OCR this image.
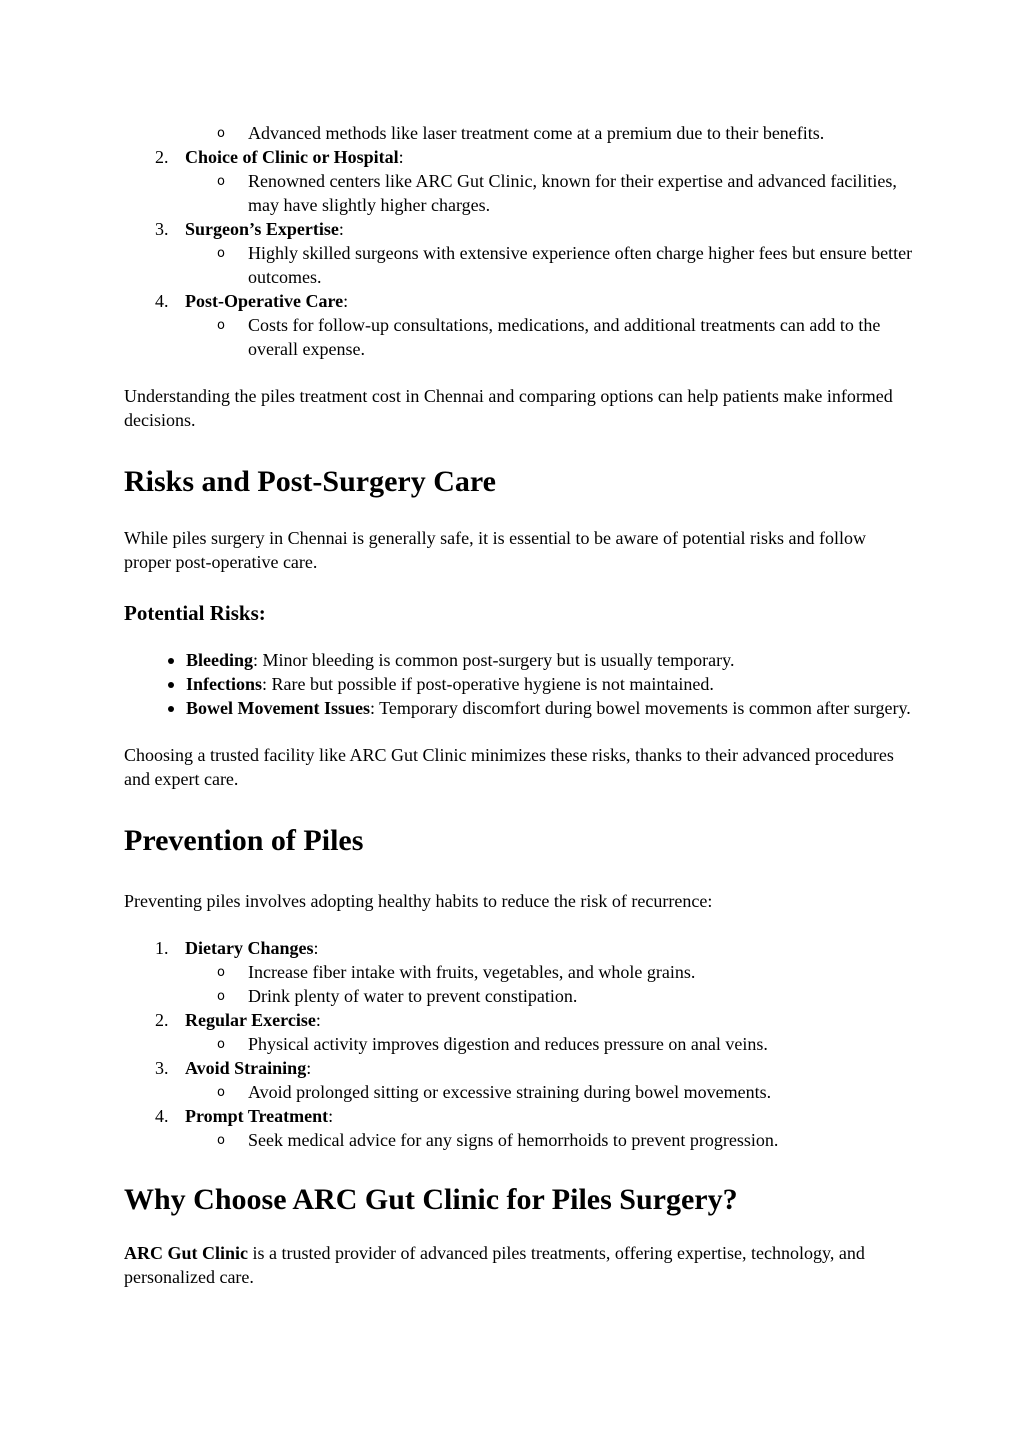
o Advanced methods like laser treatment come at a premium due to their benefits.
2. Choice of Clinic or Hospital:
o Renowned centers like ARC Gut Clinic, known for their expertise and advanced facilities, may have slightly higher charges.
3. Surgeon’s Expertise:
o Highly skilled surgeons with extensive experience often charge higher fees but ensure better outcomes.
4. Post-Operative Care:
o Costs for follow-up consultations, medications, and additional treatments can add to the overall expense.

Understanding the piles treatment cost in Chennai and comparing options can help patients make informed decisions.

Risks and Post-Surgery Care

While piles surgery in Chennai is generally safe, it is essential to be aware of potential risks and follow proper post-operative care.

Potential Risks:
Bleeding: Minor bleeding is common post-surgery but is usually temporary.
Infections: Rare but possible if post-operative hygiene is not maintained.
Bowel Movement Issues: Temporary discomfort during bowel movements is common after surgery.

Choosing a trusted facility like ARC Gut Clinic minimizes these risks, thanks to their advanced procedures and expert care.

Prevention of Piles

Preventing piles involves adopting healthy habits to reduce the risk of recurrence:

1. Dietary Changes:
o Increase fiber intake with fruits, vegetables, and whole grains.
o Drink plenty of water to prevent constipation.
2. Regular Exercise:
o Physical activity improves digestion and reduces pressure on anal veins.
3. Avoid Straining:
o Avoid prolonged sitting or excessive straining during bowel movements.
4. Prompt Treatment:
o Seek medical advice for any signs of hemorrhoids to prevent progression.
Why Choose ARC Gut Clinic for Piles Surgery?

ARC Gut Clinic is a trusted provider of advanced piles treatments, offering expertise, technology, and personalized care.
